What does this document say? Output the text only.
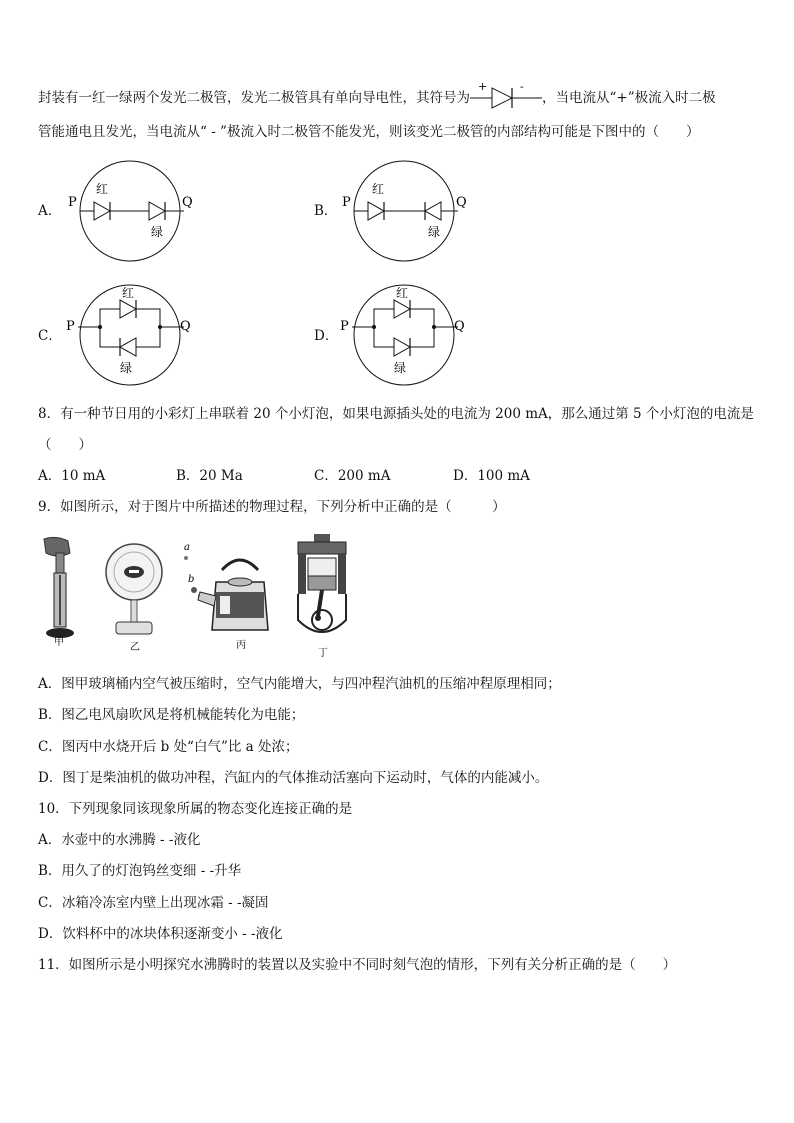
封装有一红一绿两个发光二极管，发光二极管具有单向导电性，其符号为
+	-
，当电流从“+”极流入时二极
管能通电且发光，当电流从“ - ”极流入时二极管不能发光，则该变光二极管的内部结构可能是下图中的（　　）
A．
P	Q
红
绿
B．
P	Q
红
绿
C．
P	Q
红
绿
D．
P	Q
红
绿
8．有一种节日用的小彩灯上串联着 20 个小灯泡，如果电源插头处的电流为 200 mA，那么通过第 5 个小灯泡的电流是
（　　）
A．10 mA	B．20 Ma	C．200 mA	D．100 mA
9．如图所示，对于图片中所描述的物理过程，下列分析中正确的是（　　　）
甲	乙
a
b
丙
丁
A．图甲玻璃桶内空气被压缩时，空气内能增大，与四冲程汽油机的压缩冲程原理相同；
B．图乙电风扇吹风是将机械能转化为电能；
C．图丙中水烧开后 b 处“白气”比 a 处浓；
D．图丁是柴油机的做功冲程，汽缸内的气体推动活塞向下运动时，气体的内能减小。
10．下列现象同该现象所属的物态变化连接正确的是
A．水壶中的水沸腾 - -液化
B．用久了的灯泡钨丝变细 - -升华
C．冰箱冷冻室内壁上出现冰霜 - -凝固
D．饮料杯中的冰块体积逐渐变小 - -液化
11．如图所示是小明探究水沸腾时的装置以及实验中不同时刻气泡的情形，下列有关分析正确的是（　　）
